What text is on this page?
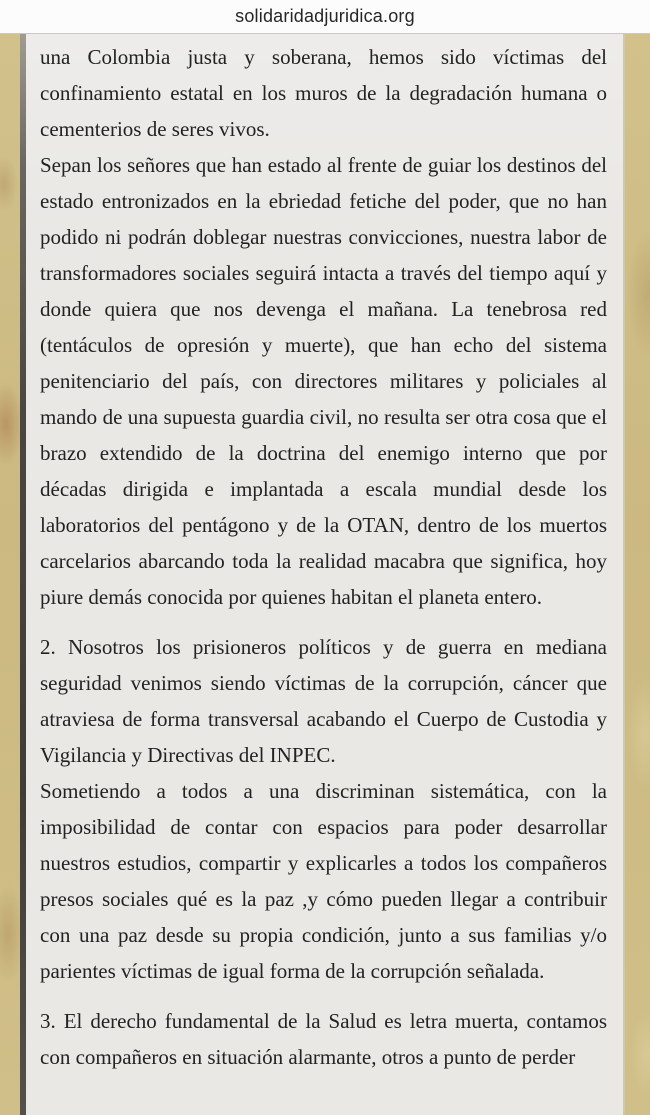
solidaridadjuridica.org

una Colombia justa y soberana, hemos sido víctimas del confinamiento estatal en los muros de la degradación humana o cementerios de seres vivos.

Sepan los señores que han estado al frente de guiar los destinos del estado entronizados en la ebriedad fetiche del poder, que no han podido ni podrán doblegar nuestras convicciones, nuestra labor de transformadores sociales seguirá intacta a través del tiempo aquí y donde quiera que nos devenga el mañana. La tenebrosa red (tentáculos de opresión y muerte), que han echo del sistema penitenciario del país, con directores militares y policiales al mando de una supuesta guardia civil, no resulta ser otra cosa que el brazo extendido de la doctrina del enemigo interno que por décadas dirigida e implantada a escala mundial desde los laboratorios del pentágono y de la OTAN, dentro de los muertos carcelarios abarcando toda la realidad macabra que significa, hoy piure demás conocida por quienes habitan el planeta entero.

2. Nosotros los prisioneros políticos y de guerra en mediana seguridad venimos siendo víctimas de la corrupción, cáncer que atraviesa de forma transversal acabando el Cuerpo de Custodia y Vigilancia y Directivas del INPEC.

Sometiendo a todos a una discriminan sistemática, con la imposibilidad de contar con espacios para poder desarrollar nuestros estudios, compartir y explicarles a todos los compañeros presos sociales qué es la paz ,y cómo pueden llegar a contribuir con una paz desde su propia condición, junto a sus familias y/o parientes víctimas de igual forma de la corrupción señalada.

3. El derecho fundamental de la Salud es letra muerta, contamos con compañeros en situación alarmante, otros a punto de perder
